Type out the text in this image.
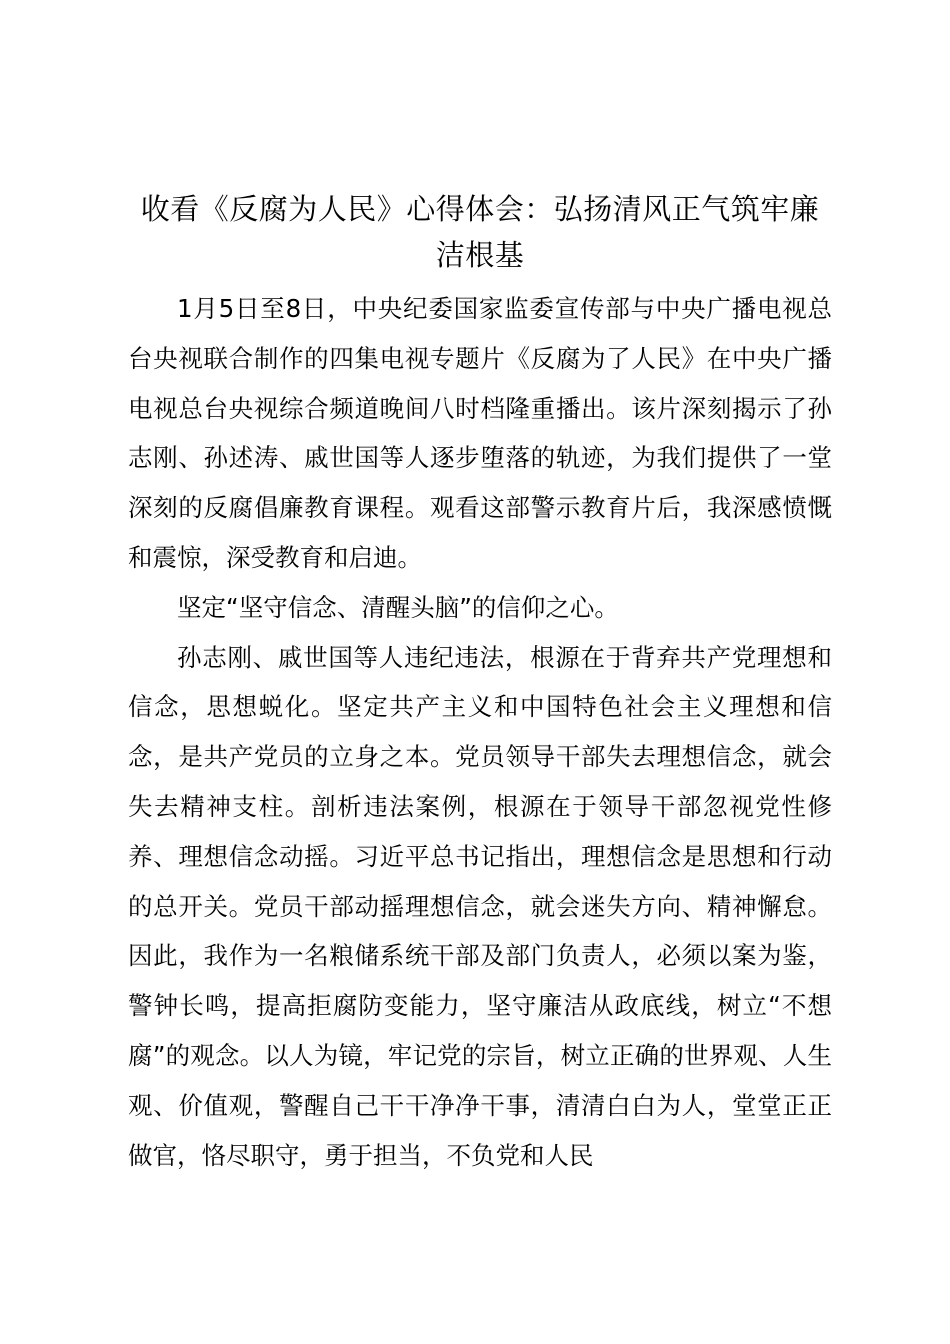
收看《反腐为人民》心得体会：弘扬清风正气筑牢廉洁根基

1月5日至8日，中央纪委国家监委宣传部与中央广播电视总台央视联合制作的四集电视专题片《反腐为了人民》在中央广播电视总台央视综合频道晚间八时档隆重播出。该片深刻揭示了孙志刚、孙述涛、戚世国等人逐步堕落的轨迹，为我们提供了一堂深刻的反腐倡廉教育课程。观看这部警示教育片后，我深感愤慨和震惊，深受教育和启迪。

坚定“坚守信念、清醒头脑”的信仰之心。

孙志刚、戚世国等人违纪违法，根源在于背弃共产党理想和信念，思想蜕化。坚定共产主义和中国特色社会主义理想和信念，是共产党员的立身之本。党员领导干部失去理想信念，就会失去精神支柱。剖析违法案例，根源在于领导干部忽视党性修养、理想信念动摇。习近平总书记指出，理想信念是思想和行动的总开关。党员干部动摇理想信念，就会迷失方向、精神懈怠。因此，我作为一名粮储系统干部及部门负责人，必须以案为鉴，警钟长鸣，提高拒腐防变能力，坚守廉洁从政底线，树立“不想腐”的观念。以人为镜，牢记党的宗旨，树立正确的世界观、人生观、价值观，警醒自己干干净净干事，清清白白为人，堂堂正正做官，恪尽职守，勇于担当，不负党和人民
